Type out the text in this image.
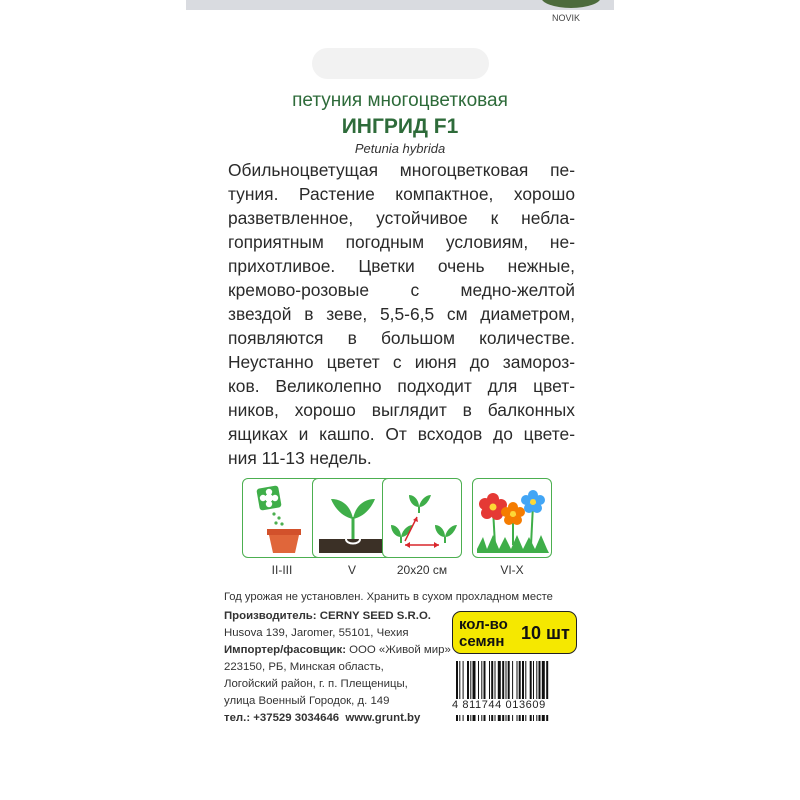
NOVIK
петуния многоцветковая
ИНГРИД F1
Petunia hybrida
Обильноцветущая многоцветковая пе-
туния. Растение компактное, хорошо
разветвленное, устойчивое к небла-
гоприятным погодным условиям, не-
прихотливое. Цветки очень нежные,
кремово-розовые с медно-желтой
звездой в зеве, 5,5-6,5 см диаметром,
появляются в большом количестве.
Неустанно цветет с июня до замороз-
ков. Великолепно подходит для цвет-
ников, хорошо выглядит в балконных
ящиках и кашпо. От всходов до цвете-
ния 11-13 недель.
II-III	V	20x20 см	VI-X
Год урожая не установлен. Хранить в сухом прохладном месте
Производитель: CERNY SEED S.R.O.
Husova 139, Jaromer, 55101, Чехия
Импортер/фасовщик: ООО «Живой мир»
223150, РБ, Минская область,
Логойский район, г. п. Плещеницы,
улица Военный Городок, д. 149
тел.: +37529 3034646  www.grunt.by
кол-во
семян 10 шт
4 811744 013609
